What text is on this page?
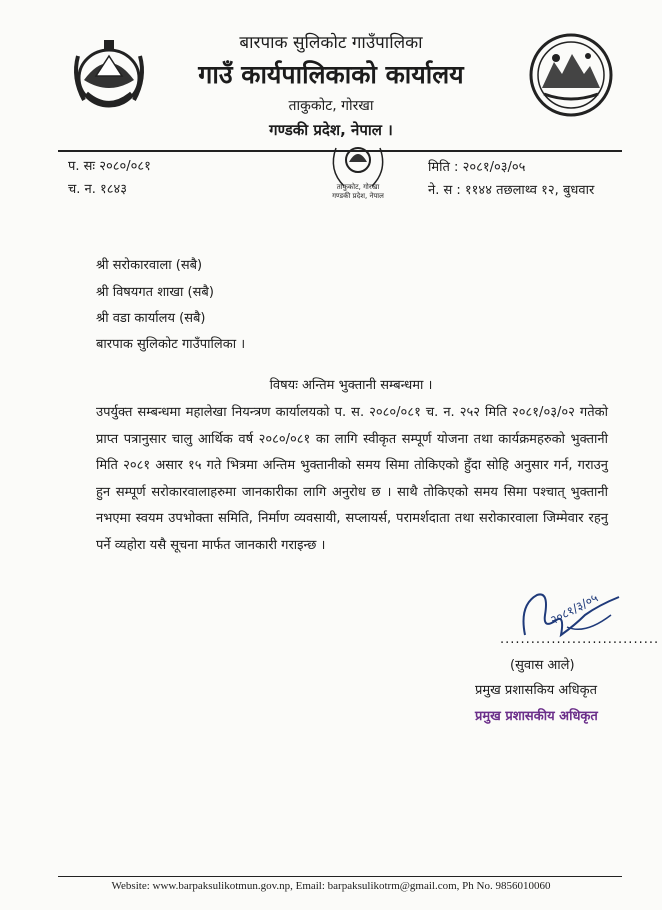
बारपाक सुलिकोट गाउँपालिका
गाउँ कार्यपालिकाको कार्यालय
ताकुकोट, गोरखा
गण्डकी प्रदेश, नेपाल ।
प. सः २०८०/०८१
च. न. १८४३	ताकुकोट, गोरखा
गण्डकी प्रदेश, नेपाल
मिति : २०८१/०३/०५
ने. स : ११४४ तछलाथ्व १२, बुधवार
श्री सरोकारवाला (सबै)
श्री विषयगत शाखा (सबै)
श्री वडा कार्यालय (सबै)
बारपाक सुलिकोट गाउँपालिका ।
विषयः अन्तिम भुक्तानी सम्बन्धमा ।
उपर्युक्त सम्बन्धमा महालेखा नियन्त्रण कार्यालयको प. स. २०८०/०८१ च. न. २५२ मिति २०८१/०३/०२ गतेको प्राप्त पत्रानुसार चालु आर्थिक वर्ष २०८०/०८१ का लागि स्वीकृत सम्पूर्ण योजना तथा कार्यक्रमहरुको भुक्तानी मिति २०८१ असार १५ गते भित्रमा अन्तिम भुक्तानीको समय सिमा तोकिएको हुँदा सोहि अनुसार गर्न, गराउनु हुन सम्पूर्ण सरोकारवालाहरुमा जानकारीका लागि अनुरोध छ । साथै तोकिएको समय सिमा पश्चात् भुक्तानी नभएमा स्वयम उपभोक्ता समिति, निर्माण व्यवसायी, सप्लायर्स, परामर्शदाता तथा सरोकारवाला जिम्मेवार रहनु पर्ने व्यहोरा यसै सूचना मार्फत जानकारी गराइन्छ ।
२०८१/३/०५
...............................
(सुवास आले)
प्रमुख प्रशासकिय अधिकृत
प्रमुख प्रशासकीय अधिकृत
Website: www.barpaksulikotmun.gov.np, Email: barpaksulikotrm@gmail.com, Ph No. 9856010060
